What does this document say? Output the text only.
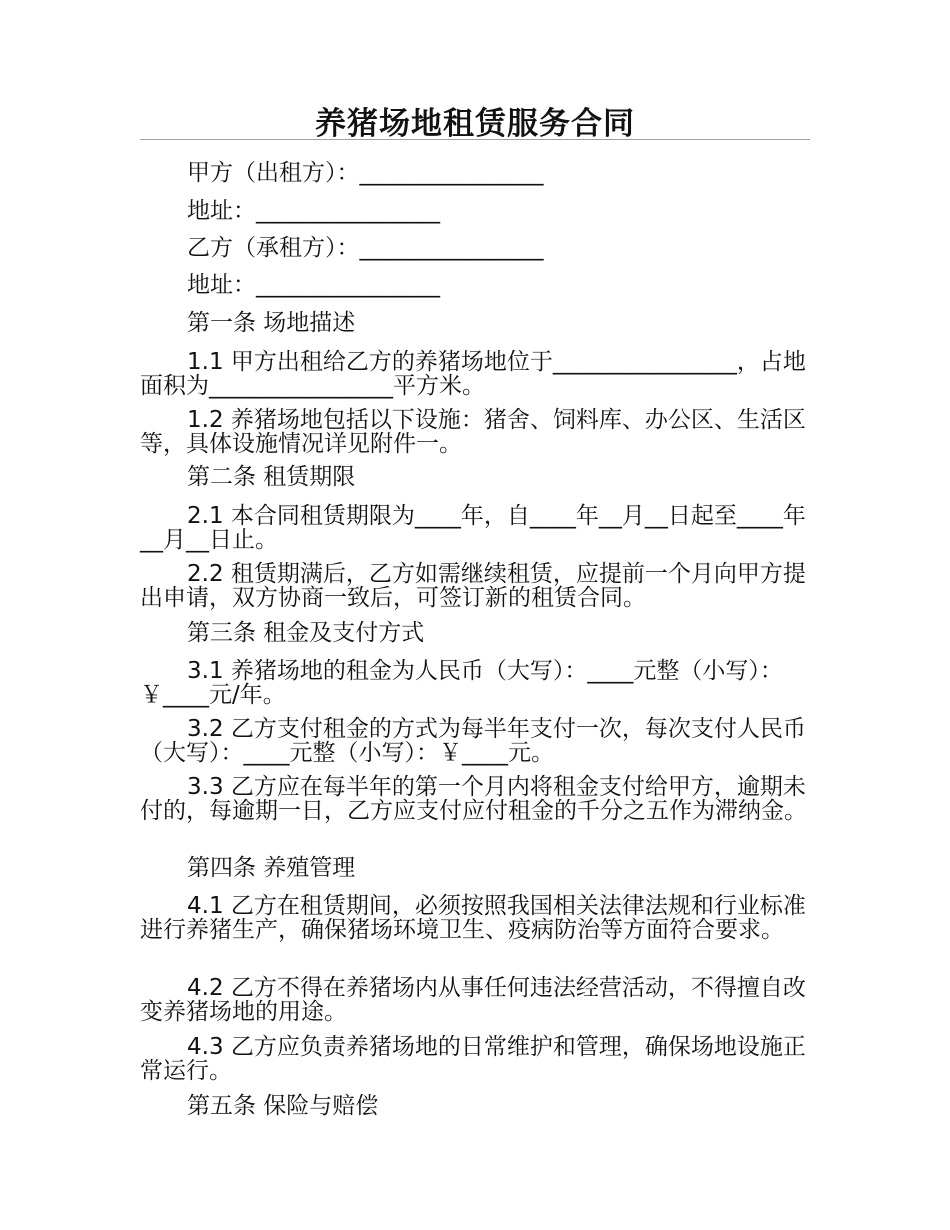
养猪场地租赁服务合同
甲方（出租方）：________________
地址：________________
乙方（承租方）：________________
地址：________________
第一条 场地描述
1.1 甲方出租给乙方的养猪场地位于________________，占地面积为________________平方米。
1.2 养猪场地包括以下设施：猪舍、饲料库、办公区、生活区等，具体设施情况详见附件一。
第二条 租赁期限
2.1 本合同租赁期限为____年，自____年__月__日起至____年__月__日止。
2.2 租赁期满后，乙方如需继续租赁，应提前一个月向甲方提出申请，双方协商一致后，可签订新的租赁合同。
第三条 租金及支付方式
3.1 养猪场地的租金为人民币（大写）：____元整（小写）：￥____元/年。
3.2 乙方支付租金的方式为每半年支付一次，每次支付人民币（大写）：____元整（小写）：￥____元。
3.3 乙方应在每半年的第一个月内将租金支付给甲方，逾期未付的，每逾期一日，乙方应支付应付租金的千分之五作为滞纳金。
第四条 养殖管理
4.1 乙方在租赁期间，必须按照我国相关法律法规和行业标准进行养猪生产，确保猪场环境卫生、疫病防治等方面符合要求。
4.2 乙方不得在养猪场内从事任何违法经营活动，不得擅自改变养猪场地的用途。
4.3 乙方应负责养猪场地的日常维护和管理，确保场地设施正常运行。
第五条 保险与赔偿
